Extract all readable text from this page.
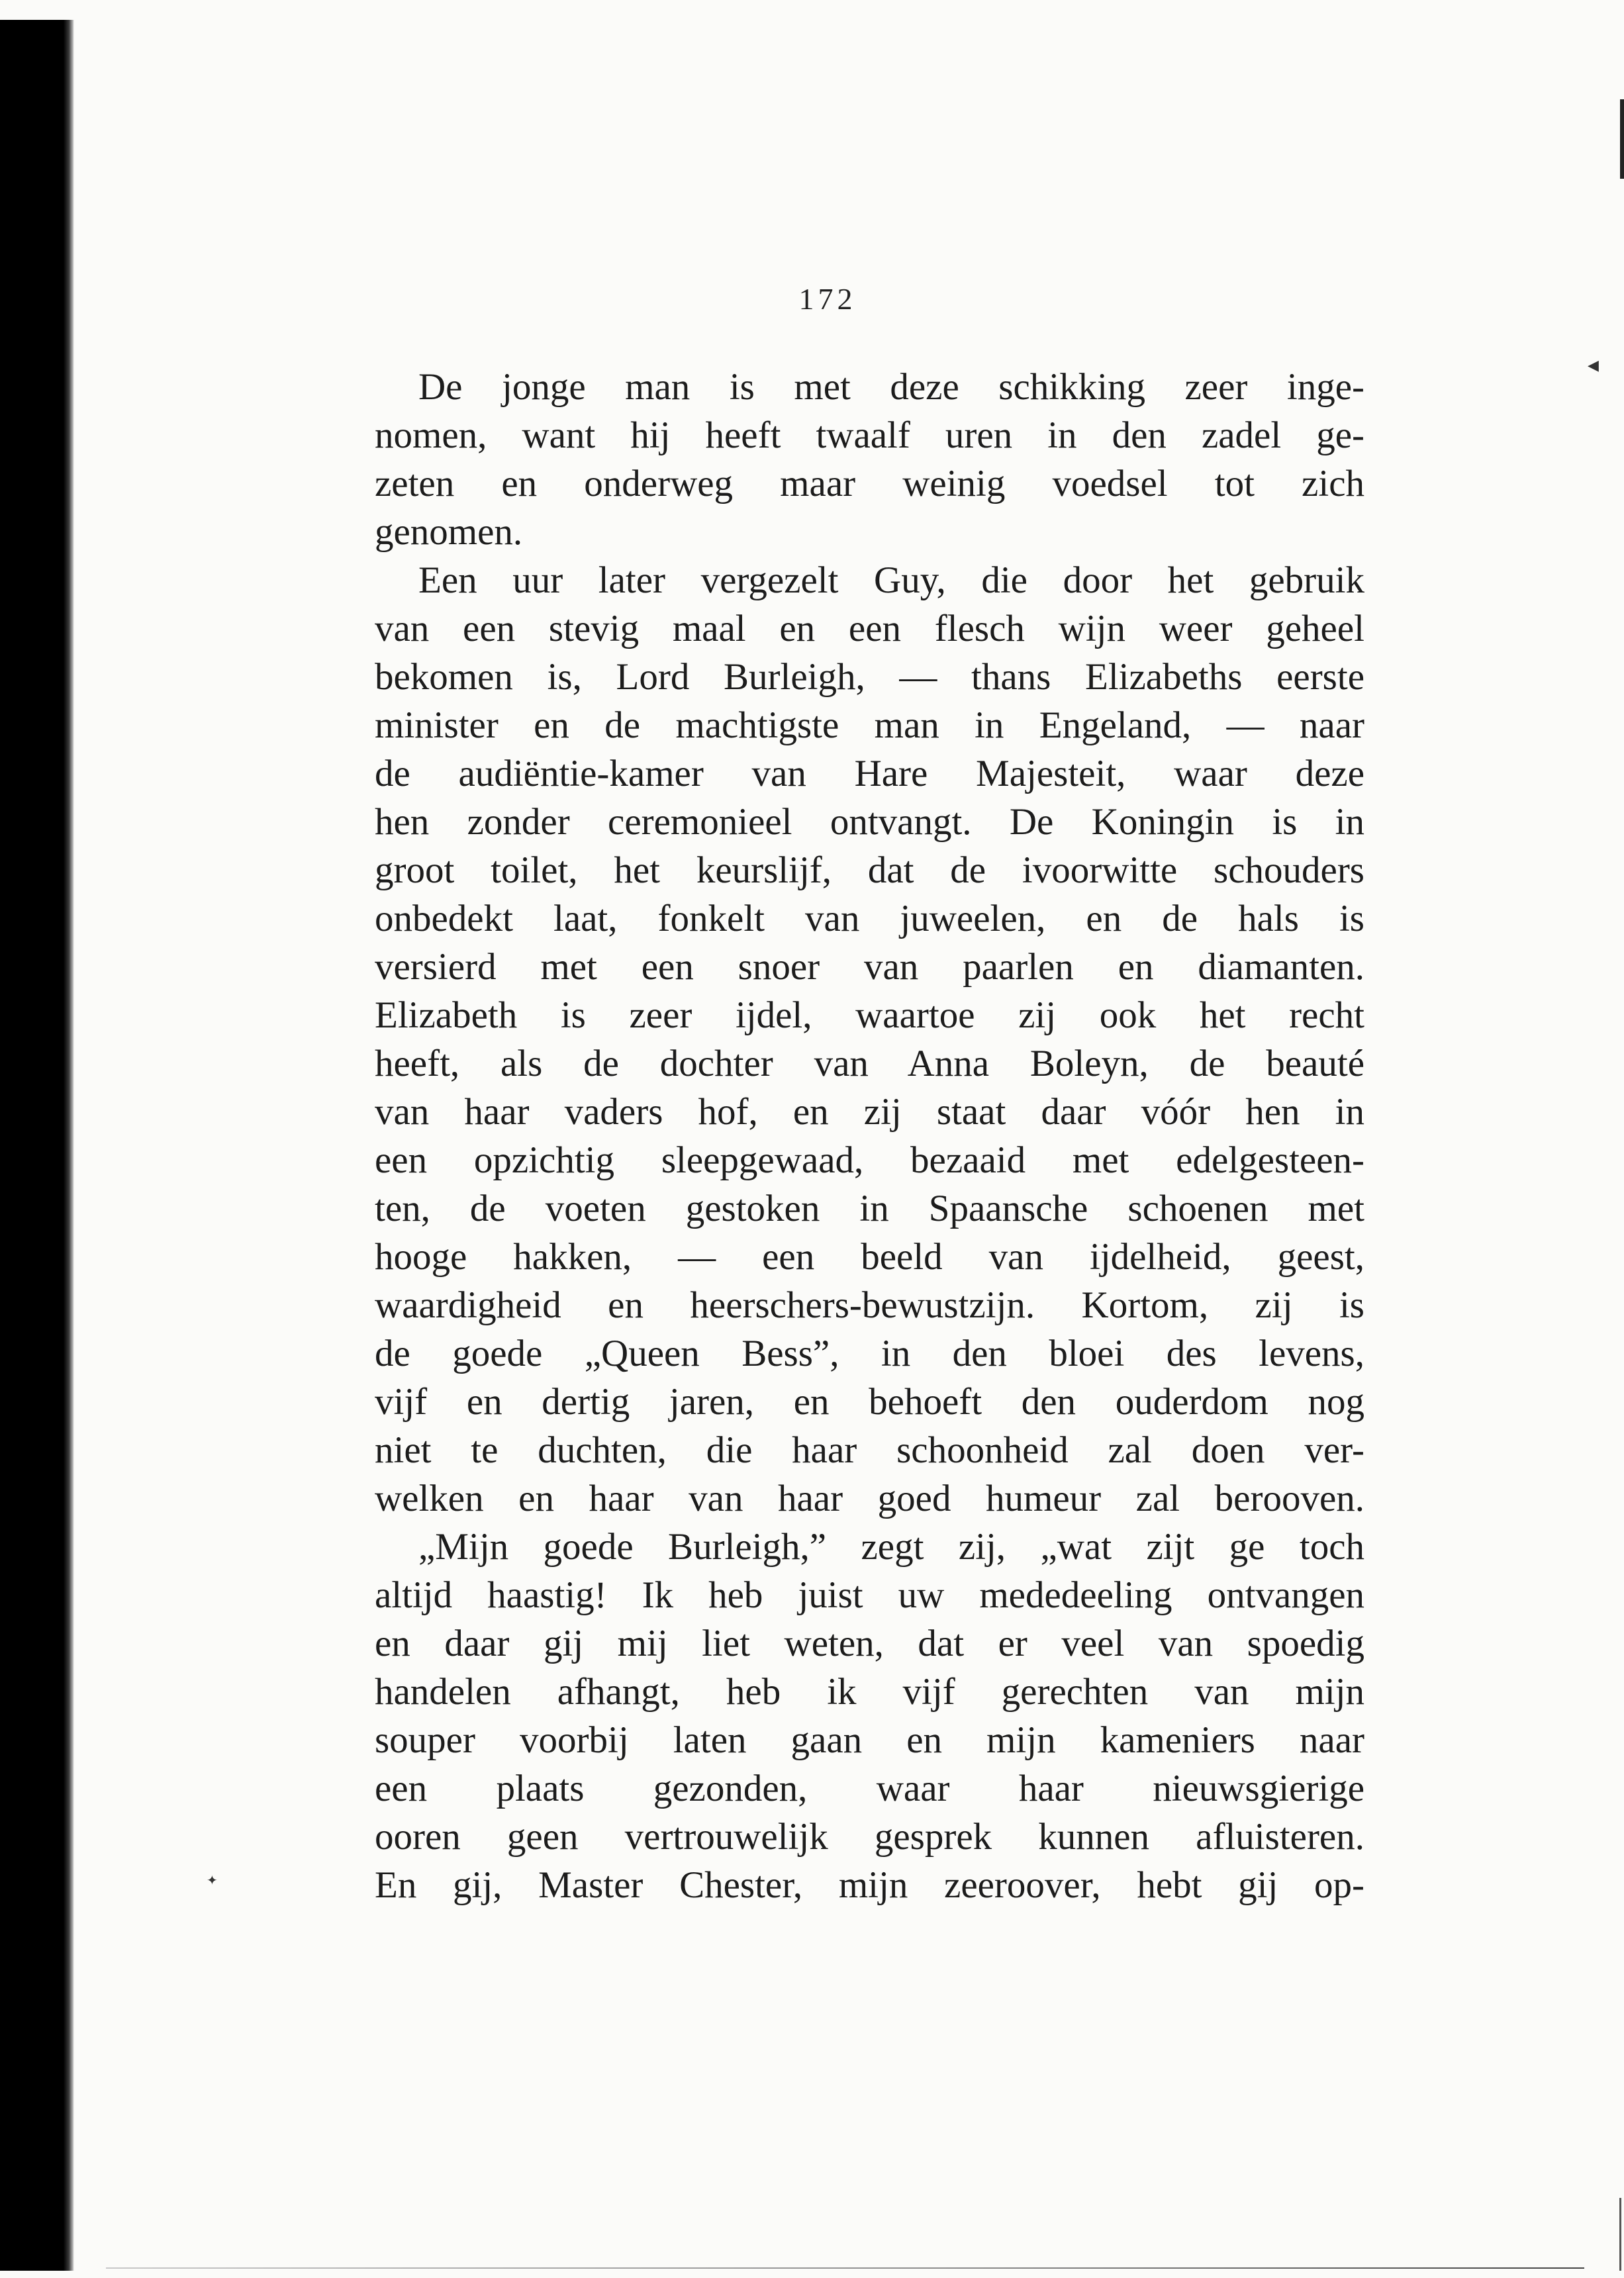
◀
✦
172
De jonge man is met deze schikking zeer inge-
nomen, want hij heeft twaalf uren in den zadel ge-
zeten en onderweg maar weinig voedsel tot zich
genomen.
Een uur later vergezelt Guy, die door het gebruik
van een stevig maal en een flesch wijn weer geheel
bekomen is, Lord Burleigh, — thans Elizabeths eerste
minister en de machtigste man in Engeland, — naar
de audiëntie-kamer van Hare Majesteit, waar deze
hen zonder ceremonieel ontvangt. De Koningin is in
groot toilet, het keurslijf, dat de ivoorwitte schouders
onbedekt laat, fonkelt van juweelen, en de hals is
versierd met een snoer van paarlen en diamanten.
Elizabeth is zeer ijdel, waartoe zij ook het recht
heeft, als de dochter van Anna Boleyn, de beauté
van haar vaders hof, en zij staat daar vóór hen in
een opzichtig sleepgewaad, bezaaid met edelgesteen-
ten, de voeten gestoken in Spaansche schoenen met
hooge hakken, — een beeld van ijdelheid, geest,
waardigheid en heerschers-bewustzijn. Kortom, zij is
de goede „Queen Bess”, in den bloei des levens,
vijf en dertig jaren, en behoeft den ouderdom nog
niet te duchten, die haar schoonheid zal doen ver-
welken en haar van haar goed humeur zal berooven.
„Mijn goede Burleigh,” zegt zij, „wat zijt ge toch
altijd haastig! Ik heb juist uw mededeeling ontvangen
en daar gij mij liet weten, dat er veel van spoedig
handelen afhangt, heb ik vijf gerechten van mijn
souper voorbij laten gaan en mijn kameniers naar
een plaats gezonden, waar haar nieuwsgierige
ooren geen vertrouwelijk gesprek kunnen afluisteren.
En gij, Master Chester, mijn zeeroover, hebt gij op-
